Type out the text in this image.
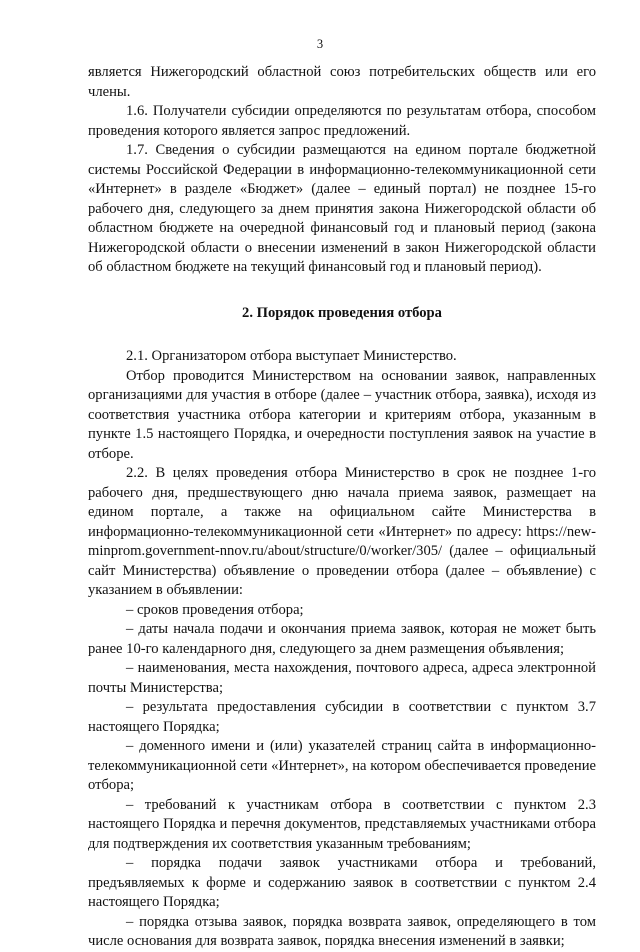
3

является Нижегородский областной союз потребительских обществ или его члены.

1.6. Получатели субсидии определяются по результатам отбора, способом проведения которого является запрос предложений.

1.7. Сведения о субсидии размещаются на едином портале бюджетной системы Российской Федерации в информационно-телекоммуникационной сети «Интернет» в разделе «Бюджет» (далее – единый портал) не позднее 15-го рабочего дня, следующего за днем принятия закона Нижегородской области об областном бюджете на очередной финансовый год и плановый период (закона Нижегородской области о внесении изменений в закон Нижегородской области об областном бюджете на текущий финансовый год и плановый период).

2. Порядок проведения отбора

2.1. Организатором отбора выступает Министерство.

Отбор проводится Министерством на основании заявок, направленных организациями для участия в отборе (далее – участник отбора, заявка), исходя из соответствия участника отбора категории и критериям отбора, указанным в пункте 1.5 настоящего Порядка, и очередности поступления заявок на участие в отборе.

2.2. В целях проведения отбора Министерство в срок не позднее 1-го рабочего дня, предшествующего дню начала приема заявок, размещает на едином портале, а также на официальном сайте Министерства в информационно-телекоммуникационной сети «Интернет» по адресу: https://new-minprom.government-nnov.ru/about/structure/0/worker/305/ (далее – официальный сайт Министерства) объявление о проведении отбора (далее – объявление) с указанием в объявлении:

– сроков проведения отбора;

– даты начала подачи и окончания приема заявок, которая не может быть ранее 10-го календарного дня, следующего за днем размещения объявления;

– наименования, места нахождения, почтового адреса, адреса электронной почты Министерства;

– результата предоставления субсидии в соответствии с пунктом 3.7 настоящего Порядка;

– доменного имени и (или) указателей страниц сайта в информационно-телекоммуникационной сети «Интернет», на котором обеспечивается проведение отбора;

– требований к участникам отбора в соответствии с пунктом 2.3 настоящего Порядка и перечня документов, представляемых участниками отбора для подтверждения их соответствия указанным требованиям;

– порядка подачи заявок участниками отбора и требований, предъявляемых к форме и содержанию заявок в соответствии с пунктом 2.4 настоящего Порядка;

– порядка отзыва заявок, порядка возврата заявок, определяющего в том числе основания для возврата заявок, порядка внесения изменений в заявки;
